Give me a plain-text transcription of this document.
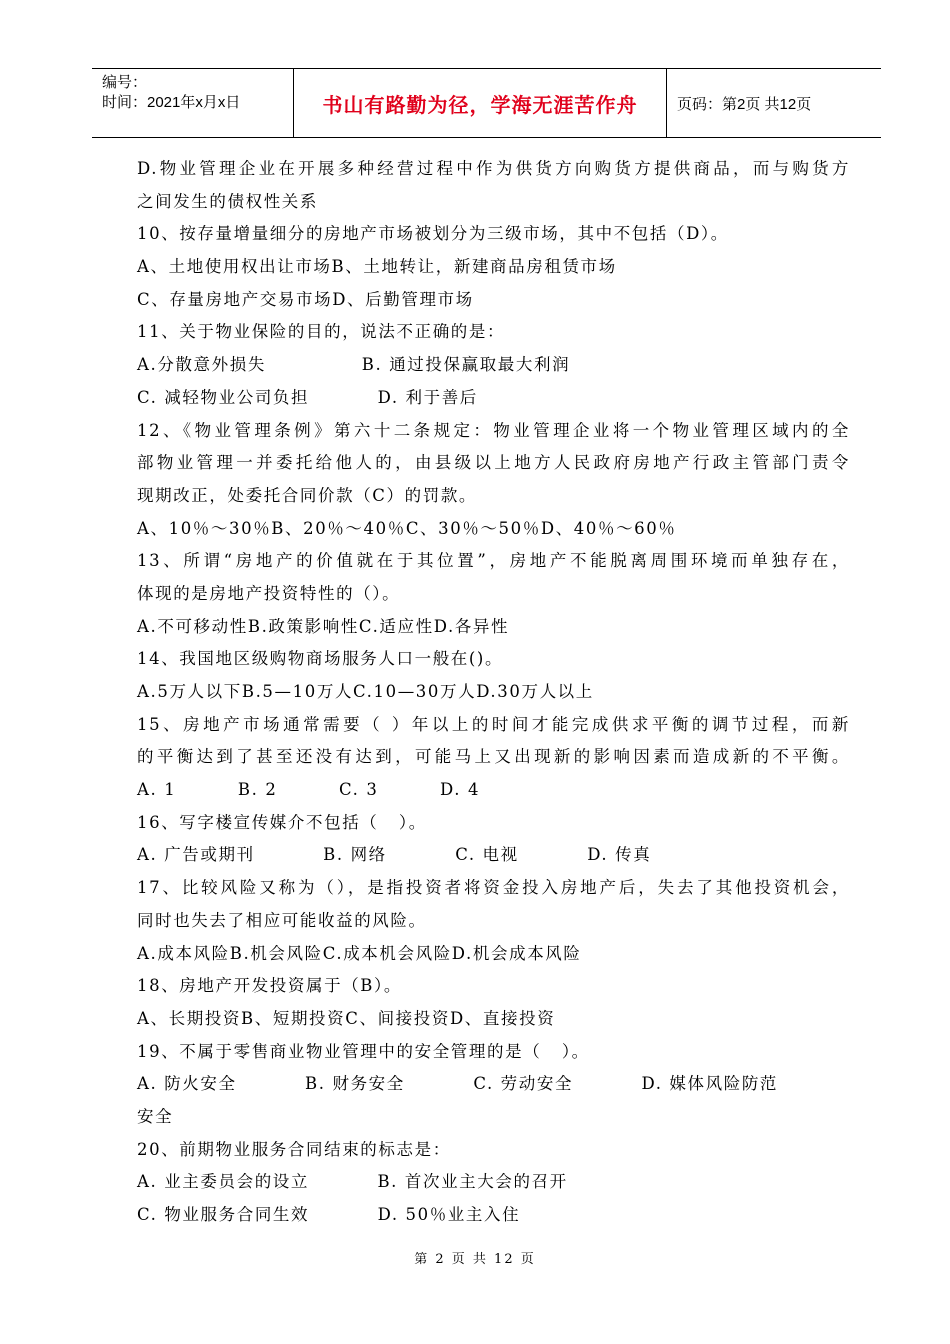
编号：
时间：2021年x月x日	书山有路勤为径，学海无涯苦作舟	页码：第2页 共12页
D.物业管理企业在开展多种经营过程中作为供货方向购货方提供商品，而与购货方
之间发生的债权性关系
10、按存量增量细分的房地产市场被划分为三级市场，其中不包括（D）。
A、土地使用权出让市场B、土地转让，新建商品房租赁市场
C、存量房地产交易市场D、后勤管理市场
11、关于物业保险的目的，说法不正确的是：
A.分散意外损失              B. 通过投保赢取最大利润
C. 减轻物业公司负担          D. 利于善后
12、《物业管理条例》第六十二条规定：物业管理企业将一个物业管理区域内的全
部物业管理一并委托给他人的，由县级以上地方人民政府房地产行政主管部门责令
现期改正，处委托合同价款（C）的罚款。
A、10％～30％B、20％～40％C、30％～50％D、40％～60％
13、所谓“房地产的价值就在于其位置”，房地产不能脱离周围环境而单独存在，
体现的是房地产投资特性的（）。
A.不可移动性B.政策影响性C.适应性D.各异性
14、我国地区级购物商场服务人口一般在()。
A.5万人以下B.5—10万人C.10—30万人D.30万人以上
15、房地产市场通常需要（ ）年以上的时间才能完成供求平衡的调节过程，而新
的平衡达到了甚至还没有达到，可能马上又出现新的影响因素而造成新的不平衡。
A. 1         B. 2         C. 3         D. 4
16、写字楼宣传媒介不包括（   ）。
A. 广告或期刊          B. 网络          C. 电视          D. 传真
17、比较风险又称为（），是指投资者将资金投入房地产后，失去了其他投资机会，
同时也失去了相应可能收益的风险。
A.成本风险B.机会风险C.成本机会风险D.机会成本风险
18、房地产开发投资属于（B）。
A、长期投资B、短期投资C、间接投资D、直接投资
19、不属于零售商业物业管理中的安全管理的是（   ）。
A. 防火安全          B. 财务安全          C. 劳动安全          D. 媒体风险防范
安全
20、前期物业服务合同结束的标志是：
A. 业主委员会的设立          B. 首次业主大会的召开
C. 物业服务合同生效          D. 50％业主入住
第 2 页 共 12 页
